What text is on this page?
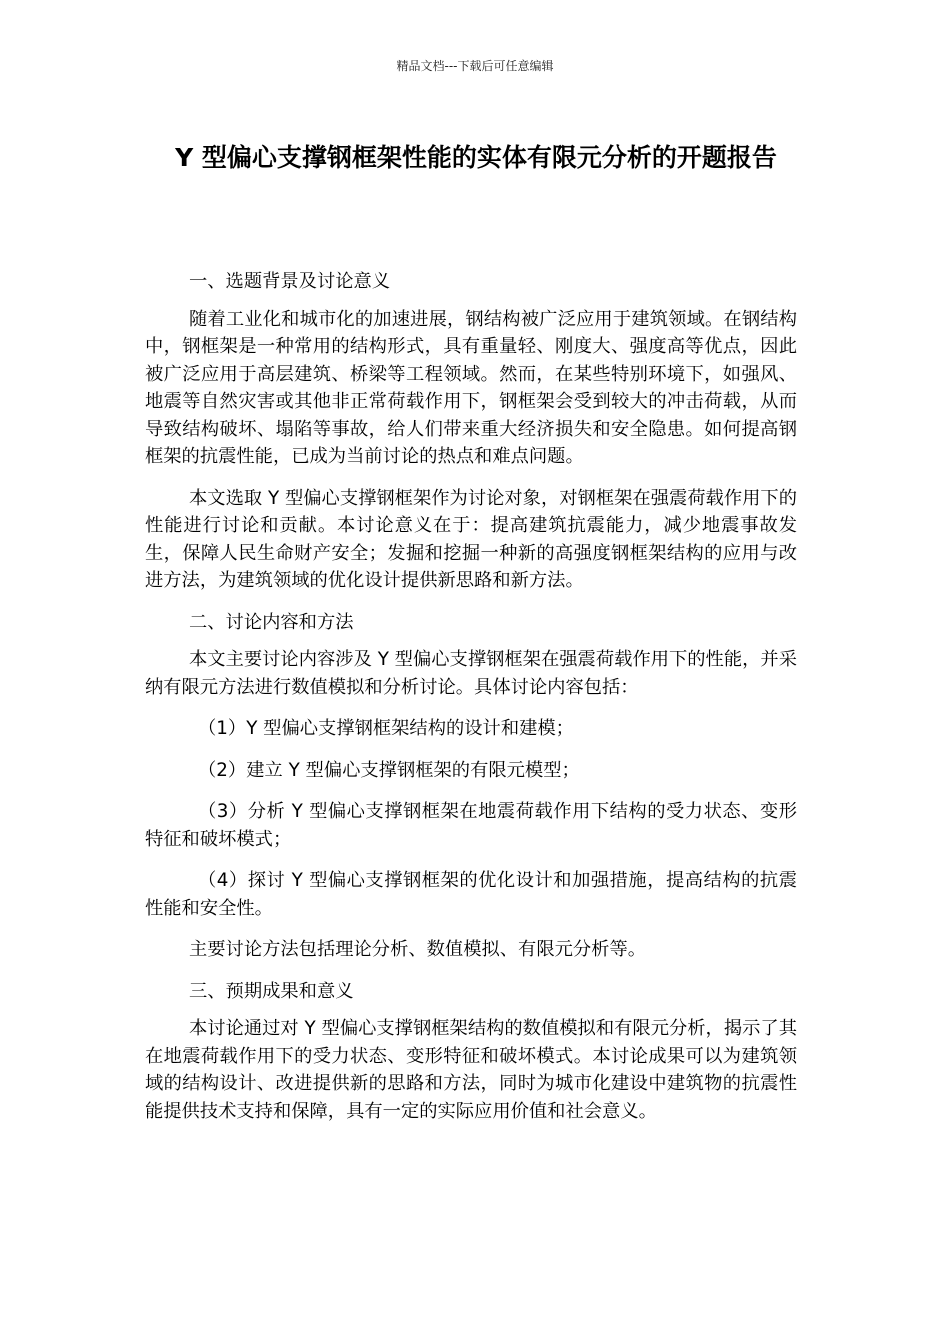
精品文档---下载后可任意编辑
Y 型偏心支撑钢框架性能的实体有限元分析的开题报告

一、选题背景及讨论意义

随着工业化和城市化的加速进展，钢结构被广泛应用于建筑领域。在钢结构中，钢框架是一种常用的结构形式，具有重量轻、刚度大、强度高等优点，因此被广泛应用于高层建筑、桥梁等工程领域。然而，在某些特别环境下，如强风、地震等自然灾害或其他非正常荷载作用下，钢框架会受到较大的冲击荷载，从而导致结构破坏、塌陷等事故，给人们带来重大经济损失和安全隐患。如何提高钢框架的抗震性能，已成为当前讨论的热点和难点问题。

本文选取 Y 型偏心支撑钢框架作为讨论对象，对钢框架在强震荷载作用下的性能进行讨论和贡献。本讨论意义在于：提高建筑抗震能力，减少地震事故发生，保障人民生命财产安全；发掘和挖掘一种新的高强度钢框架结构的应用与改进方法，为建筑领域的优化设计提供新思路和新方法。

二、讨论内容和方法

本文主要讨论内容涉及 Y 型偏心支撑钢框架在强震荷载作用下的性能，并采纳有限元方法进行数值模拟和分析讨论。具体讨论内容包括：

（1）Y 型偏心支撑钢框架结构的设计和建模；

（2）建立 Y 型偏心支撑钢框架的有限元模型；

（3）分析 Y 型偏心支撑钢框架在地震荷载作用下结构的受力状态、变形特征和破坏模式；

（4）探讨 Y 型偏心支撑钢框架的优化设计和加强措施，提高结构的抗震性能和安全性。

主要讨论方法包括理论分析、数值模拟、有限元分析等。

三、预期成果和意义

本讨论通过对 Y 型偏心支撑钢框架结构的数值模拟和有限元分析，揭示了其在地震荷载作用下的受力状态、变形特征和破坏模式。本讨论成果可以为建筑领域的结构设计、改进提供新的思路和方法，同时为城市化建设中建筑物的抗震性能提供技术支持和保障，具有一定的实际应用价值和社会意义。
